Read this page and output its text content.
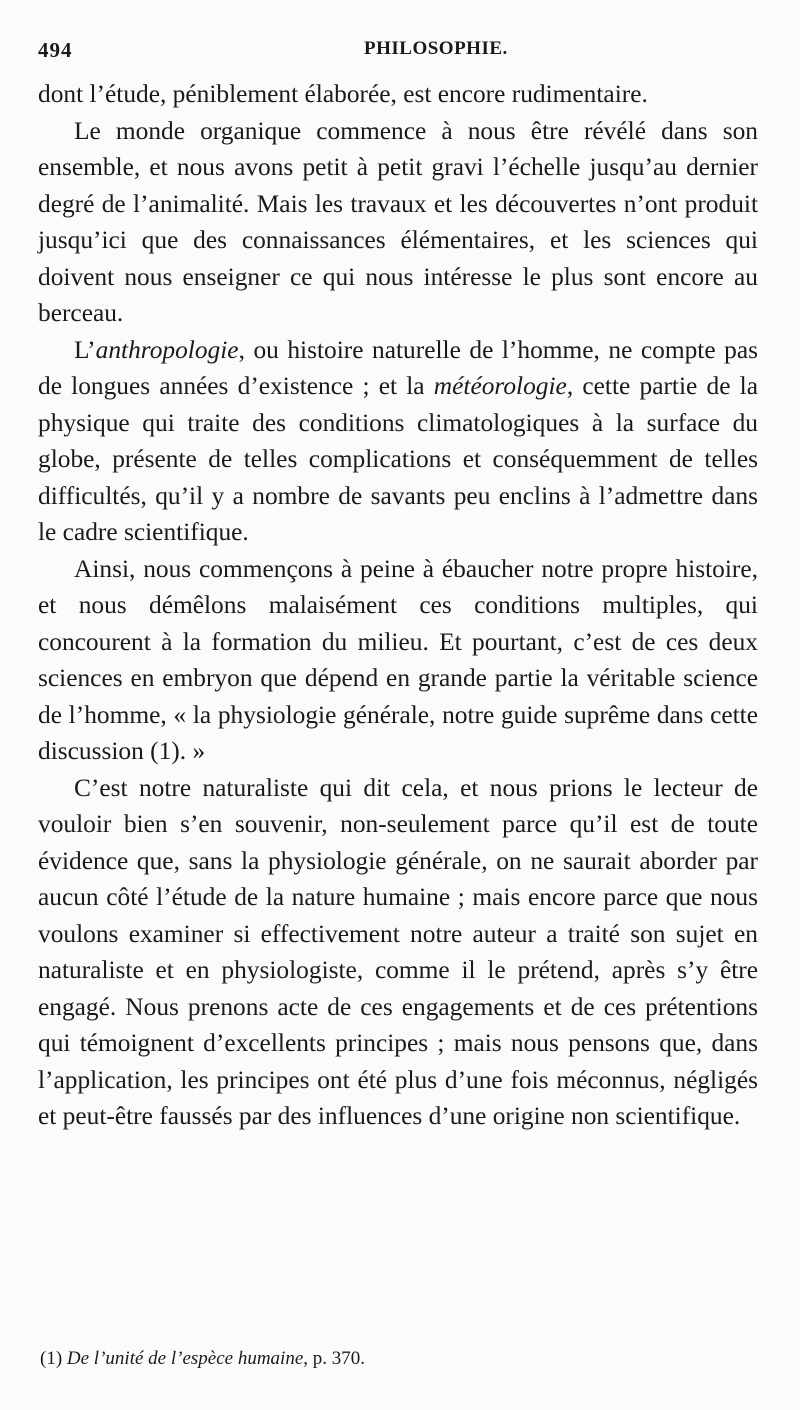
494	PHILOSOPHIE.

dont l’étude, péniblement élaborée, est encore rudimentaire.

Le monde organique commence à nous être révélé dans son ensemble, et nous avons petit à petit gravi l’échelle jusqu’au dernier degré de l’animalité. Mais les travaux et les découvertes n’ont produit jusqu’ici que des connaissances élémentaires, et les sciences qui doivent nous enseigner ce qui nous intéresse le plus sont encore au berceau.

L’anthropologie, ou histoire naturelle de l’homme, ne compte pas de longues années d’existence ; et la météorologie, cette partie de la physique qui traite des conditions climatologiques à la surface du globe, présente de telles complications et conséquemment de telles difficultés, qu’il y a nombre de savants peu enclins à l’admettre dans le cadre scientifique.

Ainsi, nous commençons à peine à ébaucher notre propre histoire, et nous démêlons malaisément ces conditions multiples, qui concourent à la formation du milieu. Et pourtant, c’est de ces deux sciences en embryon que dépend en grande partie la véritable science de l’homme, « la physiologie générale, notre guide suprême dans cette discussion (1). »

C’est notre naturaliste qui dit cela, et nous prions le lecteur de vouloir bien s’en souvenir, non-seulement parce qu’il est de toute évidence que, sans la physiologie générale, on ne saurait aborder par aucun côté l’étude de la nature humaine ; mais encore parce que nous voulons examiner si effectivement notre auteur a traité son sujet en naturaliste et en physiologiste, comme il le prétend, après s’y être engagé. Nous prenons acte de ces engagements et de ces prétentions qui témoignent d’excellents principes ; mais nous pensons que, dans l’application, les principes ont été plus d’une fois méconnus, négligés et peut-être faussés par des influences d’une origine non scientifique.

(1) De l’unité de l’espèce humaine, p. 370.
